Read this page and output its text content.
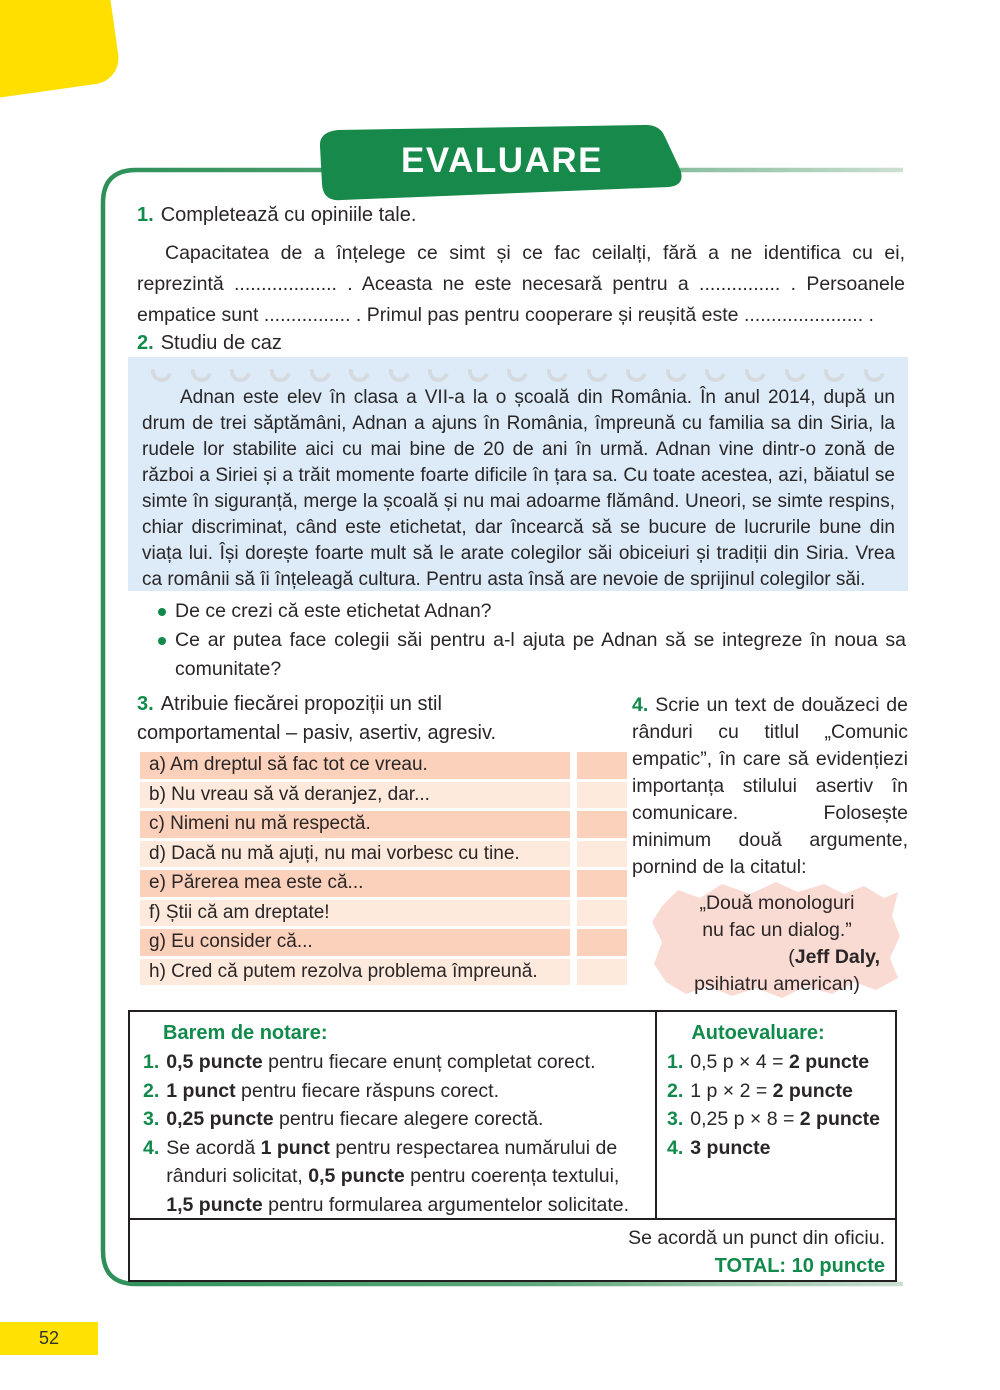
EVALUARE
1. Completează cu opiniile tale.

Capacitatea de a înțelege ce simt și ce fac ceilalți, fără a ne identifica cu ei, reprezintă ................... . Aceasta ne este necesară pentru a ............... . Persoanele empatice sunt ................ . Primul pas pentru cooperare și reușită este ...................... .

2. Studiu de caz

Adnan este elev în clasa a VII-a la o școală din România. În anul 2014, după un drum de trei săptămâni, Adnan a ajuns în România, împreună cu familia sa din Siria, la rudele lor stabilite aici cu mai bine de 20 de ani în urmă. Adnan vine dintr-o zonă de război a Siriei și a trăit momente foarte dificile în țara sa. Cu toate acestea, azi, băiatul se simte în siguranță, merge la școală și nu mai adoarme flămând. Uneori, se simte respins, chiar discriminat, când este etichetat, dar încearcă să se bucure de lucrurile bune din viața lui. Își dorește foarte mult să le arate colegilor săi obiceiuri și tradiții din Siria. Vrea ca românii să îi înțeleagă cultura. Pentru asta însă are nevoie de sprijinul colegilor săi.

De ce crezi că este etichetat Adnan?
Ce ar putea face colegii săi pentru a-l ajuta pe Adnan să se integreze în noua sa comunitate?
3. Atribuie fiecărei propoziții un stil comportamental – pasiv, asertiv, agresiv.
a) Am dreptul să fac tot ce vreau.
b) Nu vreau să vă deranjez, dar...
c) Nimeni nu mă respectă.
d) Dacă nu mă ajuți, nu mai vorbesc cu tine.
e) Părerea mea este că...
f) Știi că am dreptate!
g) Eu consider că...
h) Cred că putem rezolva problema împreună.

4. Scrie un text de douăzeci de rânduri cu titlul „Comunic empatic”, în care să evidențiezi importanța stilului asertiv în comunicare. Folosește minimum două argumente, pornind de la citatul:

„Două monologuri
nu fac un dialog.”
(Jeff Daly,
psihiatru american)
Barem de notare:
1. 0,5 puncte pentru fiecare enunț completat corect.
2. 1 punct pentru fiecare răspuns corect.
3. 0,25 puncte pentru fiecare alegere corectă.
4. Se acordă 1 punct pentru respectarea numărului de rânduri solicitat, 0,5 puncte pentru coerența textului, 1,5 puncte pentru formularea argumentelor solicitate.
Autoevaluare:
1. 0,5 p × 4 = 2 puncte
2. 1 p × 2 = 2 puncte
3. 0,25 p × 8 = 2 puncte
4. 3 puncte
Se acordă un punct din oficiu.
TOTAL: 10 puncte
52
